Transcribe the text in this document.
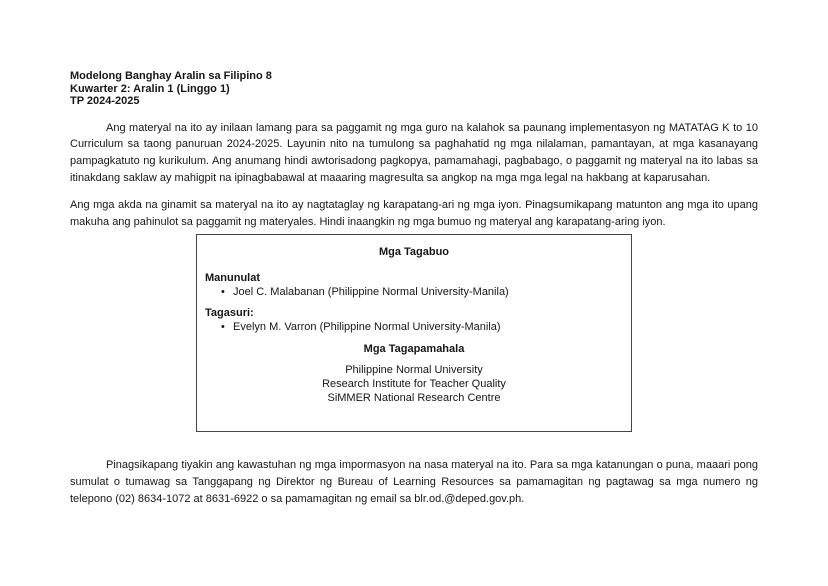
Modelong Banghay Aralin sa Filipino 8
Kuwarter 2: Aralin 1 (Linggo 1)
TP 2024-2025

Ang materyal na ito ay inilaan lamang para sa paggamit ng mga guro na kalahok sa paunang implementasyon ng MATATAG K to 10 Curriculum sa taong panuruan 2024-2025. Layunin nito na tumulong sa paghahatid ng mga nilalaman, pamantayan, at mga kasanayang pampagkatuto ng kurikulum. Ang anumang hindi awtorisadong pagkopya, pamamahagi, pagbabago, o paggamit ng materyal na ito labas sa itinakdang saklaw ay mahigpit na ipinagbabawal at maaaring magresulta sa angkop na mga mga legal na hakbang at kaparusahan.

Ang mga akda na ginamit sa materyal na ito ay nagtataglay ng karapatang-ari ng mga iyon. Pinagsumikapang matunton ang mga ito upang makuha ang pahinulot sa paggamit ng materyales. Hindi inaangkin ng mga bumuo ng materyal ang karapatang-aring iyon.

Mga Tagabuo
Manunulat
• Joel C. Malabanan (Philippine Normal University-Manila)
Tagasuri:
• Evelyn M. Varron (Philippine Normal University-Manila)
Mga Tagapamahala
Philippine Normal University
Research Institute for Teacher Quality
SiMMER National Research Centre

Pinagsikapang tiyakin ang kawastuhan ng mga impormasyon na nasa materyal na ito. Para sa mga katanungan o puna, maaari pong sumulat o tumawag sa Tanggapang ng Direktor ng Bureau of Learning Resources sa pamamagitan ng pagtawag sa mga numero ng telepono (02) 8634-1072 at 8631-6922 o sa pamamagitan ng email sa blr.od.@deped.gov.ph.
